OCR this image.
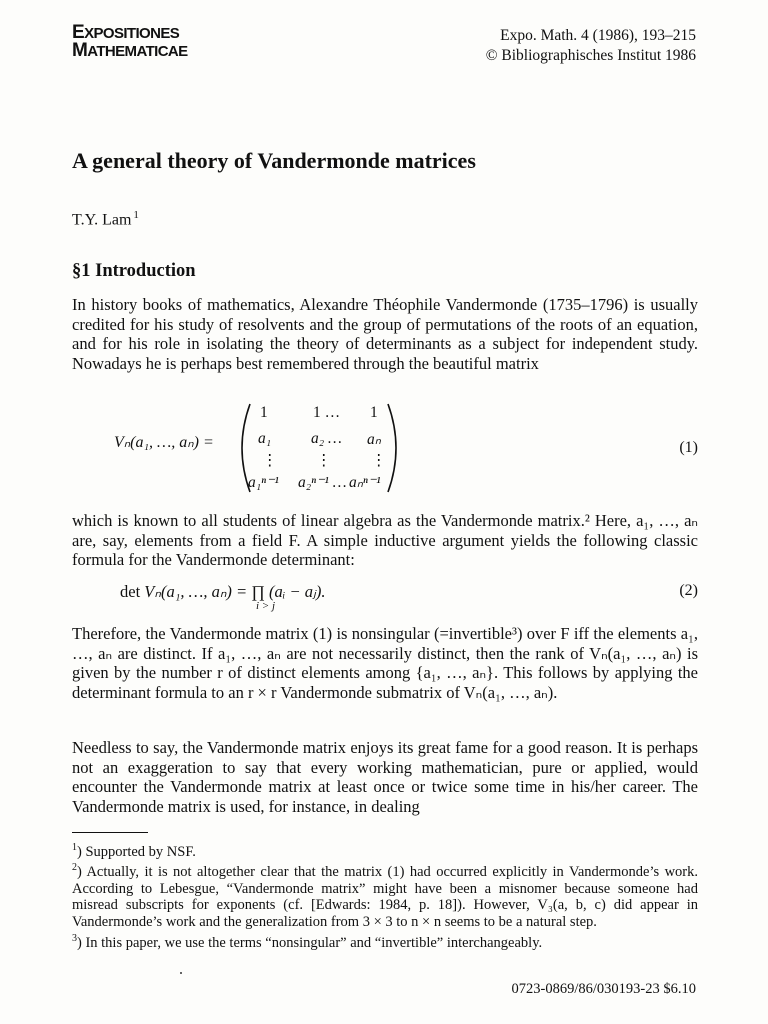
EXPOSITIONES
MATHEMATICAE
Expo. Math. 4 (1986), 193–215
© Bibliographisches Institut 1986
A general theory of Vandermonde matrices
T.Y. Lam $^1$
§1 Introduction

In history books of mathematics, Alexandre Théophile Vandermonde (1735–1796) is usually credited for his study of resolvents and the group of permutations of the roots of an equation, and for his role in isolating the theory of determinants as a subject for independent study. Nowadays he is perhaps best remembered through the beautiful matrix

Vₙ(a₁, …, aₙ) =
1	1 … 1
a₁	a₂ … aₙ
⋮ ⋮	⋮
a₁ⁿ⁻¹ a₂ⁿ⁻¹ … aₙⁿ⁻¹
(1)

which is known to all students of linear algebra as the Vandermonde matrix.² Here, a₁, …, aₙ are, say, elements from a field F. A simple inductive argument yields the following classic formula for the Vandermonde determinant:

det Vₙ(a₁, …, aₙ) = ∏ (aᵢ − aⱼ).
i > j
(2)

Therefore, the Vandermonde matrix (1) is nonsingular (=invertible³) over F iff the elements a₁, …, aₙ are distinct. If a₁, …, aₙ are not necessarily distinct, then the rank of Vₙ(a₁, …, aₙ) is given by the number r of distinct elements among {a₁, …, aₙ}. This follows by applying the determinant formula to an r × r Vandermonde submatrix of Vₙ(a₁, …, aₙ).

Needless to say, the Vandermonde matrix enjoys its great fame for a good reason. It is perhaps not an exaggeration to say that every working mathematician, pure or applied, would encounter the Vandermonde matrix at least once or twice some time in his/her career. The Vandermonde matrix is used, for instance, in dealing

$^1$) Supported by NSF.

$^2$) Actually, it is not altogether clear that the matrix (1) had occurred explicitly in Vandermonde’s work. According to Lebesgue, “Vandermonde matrix” might have been a misnomer because someone had misread subscripts for exponents (cf. [Edwards: 1984, p. 18]). However, V₃(a, b, c) did appear in Vandermonde’s work and the generalization from 3 × 3 to n × n seems to be a natural step.

$^3$) In this paper, we use the terms “nonsingular” and “invertible” interchangeably.

0723-0869/86/030193-23 $6.10
